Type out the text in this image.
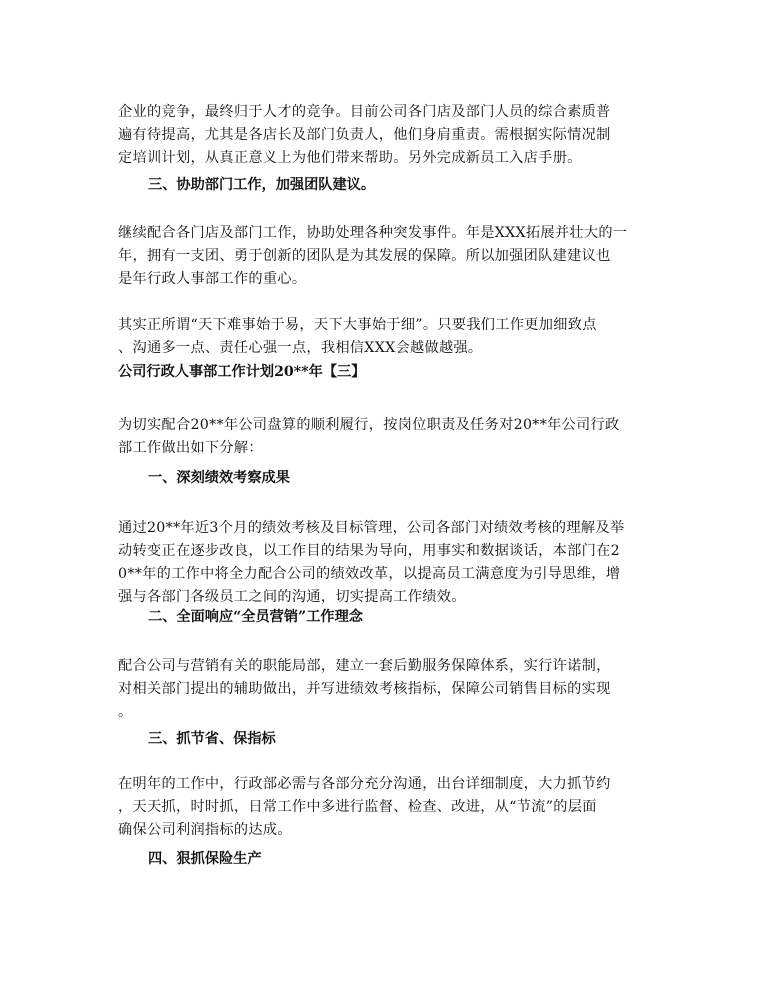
企业的竞争，最终归于人才的竞争。目前公司各门店及部门人员的综合素质普
遍有待提高，尤其是各店长及部门负责人，他们身肩重责。需根据实际情况制
定培训计划，从真正意义上为他们带来帮助。另外完成新员工入店手册。
三、协助部门工作，加强团队建议。
继续配合各门店及部门工作，协助处理各种突发事件。年是XXX拓展并壮大的一
年，拥有一支团、勇于创新的团队是为其发展的保障。所以加强团队建建议也
是年行政人事部工作的重心。
其实正所谓“天下难事始于易，天下大事始于细”。只要我们工作更加细致点
、沟通多一点、责任心强一点，我相信XXX会越做越强。
公司行政人事部工作计划20**年【三】
为切实配合20**年公司盘算的顺利履行，按岗位职责及任务对20**年公司行政
部工作做出如下分解：
一、深刻绩效考察成果
通过20**年近3个月的绩效考核及目标管理，公司各部门对绩效考核的理解及举
动转变正在逐步改良，以工作目的结果为导向，用事实和数据谈话，本部门在2
0**年的工作中将全力配合公司的绩效改革，以提高员工满意度为引导思维，增
强与各部门各级员工之间的沟通，切实提高工作绩效。
二、全面响应“全员营销”工作理念
配合公司与营销有关的职能局部，建立一套后勤服务保障体系，实行许诺制，
对相关部门提出的辅助做出，并写进绩效考核指标，保障公司销售目标的实现
。
三、抓节省、保指标
在明年的工作中，行政部必需与各部分充分沟通，出台详细制度，大力抓节约
，天天抓，时时抓，日常工作中多进行监督、检查、改进，从“节流”的层面
确保公司利润指标的达成。
四、狠抓保险生产
